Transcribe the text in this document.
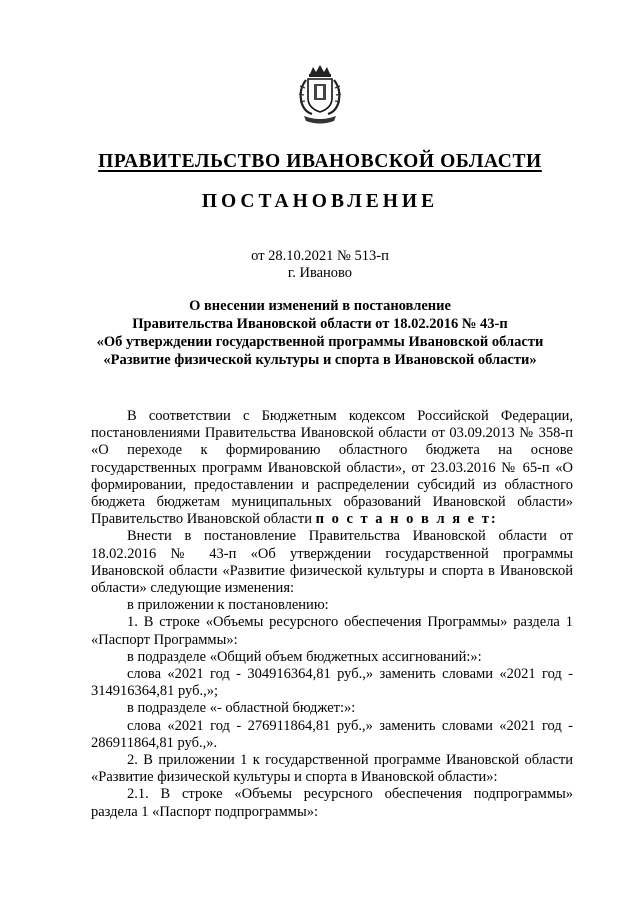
ПРАВИТЕЛЬСТВО ИВАНОВСКОЙ ОБЛАСТИ
ПОСТАНОВЛЕНИЕ
от 28.10.2021 № 513-п
г. Иваново
О внесении изменений в постановление
Правительства Ивановской области от 18.02.2016 № 43-п
«Об утверждении государственной программы Ивановской области
«Развитие физической культуры и спорта в Ивановской области»

В соответствии с Бюджетным кодексом Российской Федерации, постановлениями Правительства Ивановской области от 03.09.2013 № 358-п «О переходе к формированию областного бюджета на основе государственных программ Ивановской области», от 23.03.2016 № 65-п «О формировании, предоставлении и распределении субсидий из областного бюджета бюджетам муниципальных образований Ивановской области» Правительство Ивановской области п о с т а н о в л я е т:

Внести в постановление Правительства Ивановской области от 18.02.2016 № 43-п «Об утверждении государственной программы Ивановской области «Развитие физической культуры и спорта в Ивановской области» следующие изменения:

в приложении к постановлению:

1. В строке «Объемы ресурсного обеспечения Программы» раздела 1 «Паспорт Программы»:

в подразделе «Общий объем бюджетных ассигнований:»:

слова «2021 год - 304916364,81 руб.,» заменить словами «2021 год - 314916364,81 руб.,»;

в подразделе «- областной бюджет:»:

слова «2021 год - 276911864,81 руб.,» заменить словами «2021 год - 286911864,81 руб.,».

2. В приложении 1 к государственной программе Ивановской области «Развитие физической культуры и спорта в Ивановской области»:

2.1. В строке «Объемы ресурсного обеспечения подпрограммы» раздела 1 «Паспорт подпрограммы»:
